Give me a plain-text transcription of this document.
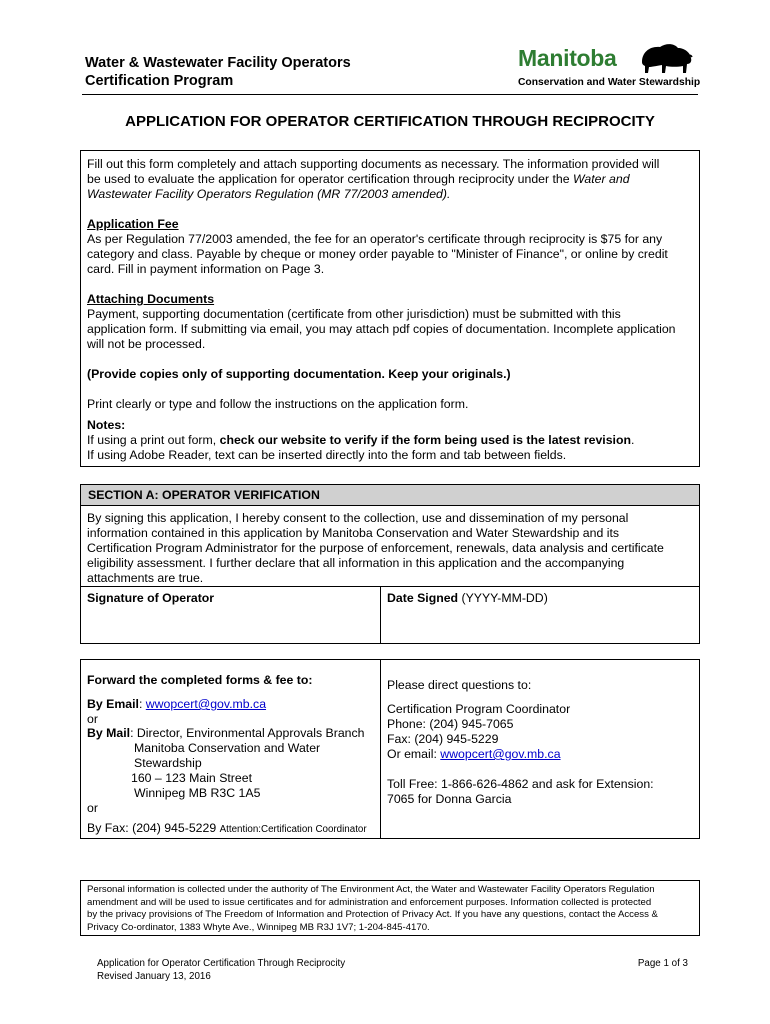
Water & Wastewater Facility Operators
Certification Program
Manitoba
Conservation and Water Stewardship
APPLICATION FOR OPERATOR CERTIFICATION THROUGH RECIPROCITY
Fill out this form completely and attach supporting documents as necessary. The information provided will
be used to evaluate the application for operator certification through reciprocity under the Water and
Wastewater Facility Operators Regulation (MR 77/2003 amended).
Application Fee
As per Regulation 77/2003 amended, the fee for an operator's certificate through reciprocity is $75 for any
category and class. Payable by cheque or money order payable to "Minister of Finance", or online by credit
card. Fill in payment information on Page 3.
Attaching Documents
Payment, supporting documentation (certificate from other jurisdiction) must be submitted with this
application form. If submitting via email, you may attach pdf copies of documentation. Incomplete application
will not be processed.
(Provide copies only of supporting documentation. Keep your originals.)
Print clearly or type and follow the instructions on the application form.
Notes:
If using a print out form, check our website to verify if the form being used is the latest revision.
If using Adobe Reader, text can be inserted directly into the form and tab between fields.
SECTION A: OPERATOR VERIFICATION
By signing this application, I hereby consent to the collection, use and dissemination of my personal
information contained in this application by Manitoba Conservation and Water Stewardship and its
Certification Program Administrator for the purpose of enforcement, renewals, data analysis and certificate
eligibility assessment. I further declare that all information in this application and the accompanying
attachments are true.
Signature of Operator	Date Signed (YYYY-MM-DD)
Forward the completed forms & fee to:
By Email: wwopcert@gov.mb.ca
or
By Mail: Director, Environmental Approvals Branch
Manitoba Conservation and Water
Stewardship
160 – 123 Main Street
Winnipeg MB R3C 1A5
or
By Fax: (204) 945-5229 Attention:Certification Coordinator
Please direct questions to:
Certification Program Coordinator
Phone: (204) 945-7065
Fax: (204) 945-5229
Or email: wwopcert@gov.mb.ca
Toll Free: 1-866-626-4862 and ask for Extension:
7065 for Donna Garcia
Personal information is collected under the authority of The Environment Act, the Water and Wastewater Facility Operators Regulation
amendment and will be used to issue certificates and for administration and enforcement purposes. Information collected is protected
by the privacy provisions of The Freedom of Information and Protection of Privacy Act. If you have any questions, contact the Access &
Privacy Co-ordinator, 1383 Whyte Ave., Winnipeg MB R3J 1V7; 1-204-845-4170.
Application for Operator Certification Through Reciprocity
Revised January 13, 2016
Page 1 of 3
